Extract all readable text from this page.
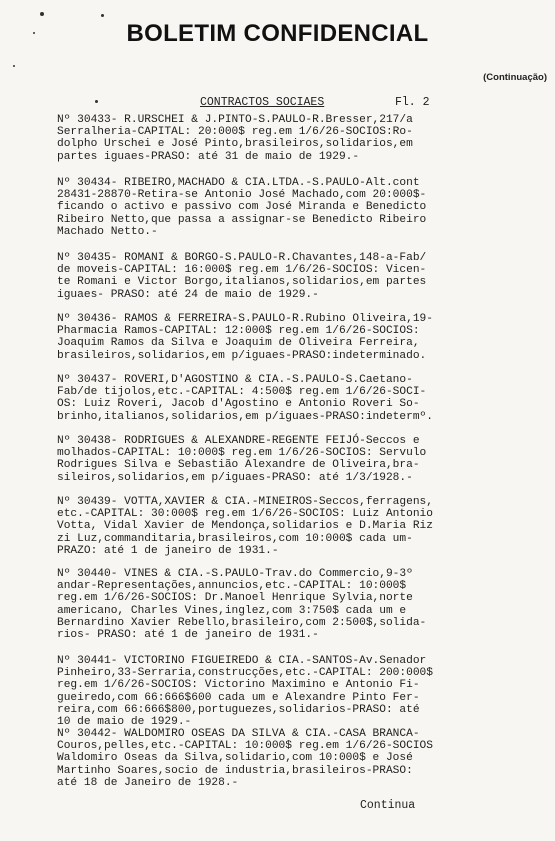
BOLETIM CONFIDENCIAL
(Continuação)
CONTRACTOS SOCIAES	Fl. 2
Nº 30433- R.URSCHEI & J.PINTO-S.PAULO-R.Bresser,217/a
Serralheria-CAPITAL: 20:000$ reg.em 1/6/26-SOCIOS:Ro-
dolpho Urschei e José Pinto,brasileiros,solidarios,em
partes iguaes-PRASO: até 31 de maio de 1929.-
Nº 30434- RIBEIRO,MACHADO & CIA.LTDA.-S.PAULO-Alt.cont
28431-28870-Retira-se Antonio José Machado,com 20:000$-
ficando o activo e passivo com José Miranda e Benedicto
Ribeiro Netto,que passa a assignar-se Benedicto Ribeiro
Machado Netto.-
Nº 30435- ROMANI & BORGO-S.PAULO-R.Chavantes,148-a-Fab/
de moveis-CAPITAL: 16:000$ reg.em 1/6/26-SOCIOS: Vicen-
te Romani e Victor Borgo,italianos,solidarios,em partes
iguaes- PRASO: até 24 de maio de 1929.-
Nº 30436- RAMOS & FERREIRA-S.PAULO-R.Rubino Oliveira,19-
Pharmacia Ramos-CAPITAL: 12:000$ reg.em 1/6/26-SOCIOS:
Joaquim Ramos da Silva e Joaquim de Oliveira Ferreira,
brasileiros,solidarios,em p/iguaes-PRASO:indeterminado.
Nº 30437- ROVERI,D'AGOSTINO & CIA.-S.PAULO-S.Caetano-
Fab/de tijolos,etc.-CAPITAL: 4:500$ reg.em 1/6/26-SOCI-
OS: Luiz Roveri, Jacob d'Agostino e Antonio Roveri So-
brinho,italianos,solidarios,em p/iguaes-PRASO:indetermº.
Nº 30438- RODRIGUES & ALEXANDRE-REGENTE FEIJÓ-Seccos e
molhados-CAPITAL: 10:000$ reg.em 1/6/26-SOCIOS: Servulo
Rodrigues Silva e Sebastião Alexandre de Oliveira,bra-
sileiros,solidarios,em p/iguaes-PRASO: até 1/3/1928.-
Nº 30439- VOTTA,XAVIER & CIA.-MINEIROS-Seccos,ferragens,
etc.-CAPITAL: 30:000$ reg.em 1/6/26-SOCIOS: Luiz Antonio
Votta, Vidal Xavier de Mendonça,solidarios e D.Maria Riz
zi Luz,commanditaria,brasileiros,com 10:000$ cada um-
PRAZO: até 1 de janeiro de 1931.-
Nº 30440- VINES & CIA.-S.PAULO-Trav.do Commercio,9-3º
andar-Representações,annuncios,etc.-CAPITAL: 10:000$
reg.em 1/6/26-SOCIOS: Dr.Manoel Henrique Sylvia,norte
americano, Charles Vines,inglez,com 3:750$ cada um e
Bernardino Xavier Rebello,brasileiro,com 2:500$,solida-
rios- PRASO: até 1 de janeiro de 1931.-
Nº 30441- VICTORINO FIGUEIREDO & CIA.-SANTOS-Av.Senador
Pinheiro,33-Serraria,construcções,etc.-CAPITAL: 200:000$
reg.em 1/6/26-SOCIOS: Victorino Maximino e Antonio Fi-
gueiredo,com 66:666$600 cada um e Alexandre Pinto Fer-
reira,com 66:666$800,portuguezes,solidarios-PRASO: até
10 de maio de 1929.-
Nº 30442- WALDOMIRO OSEAS DA SILVA & CIA.-CASA BRANCA-
Couros,pelles,etc.-CAPITAL: 10:000$ reg.em 1/6/26-SOCIOS
Waldomiro Oseas da Silva,solidario,com 10:000$ e José
Martinho Soares,socio de industria,brasileiros-PRASO:
até 18 de Janeiro de 1928.-
Continua
